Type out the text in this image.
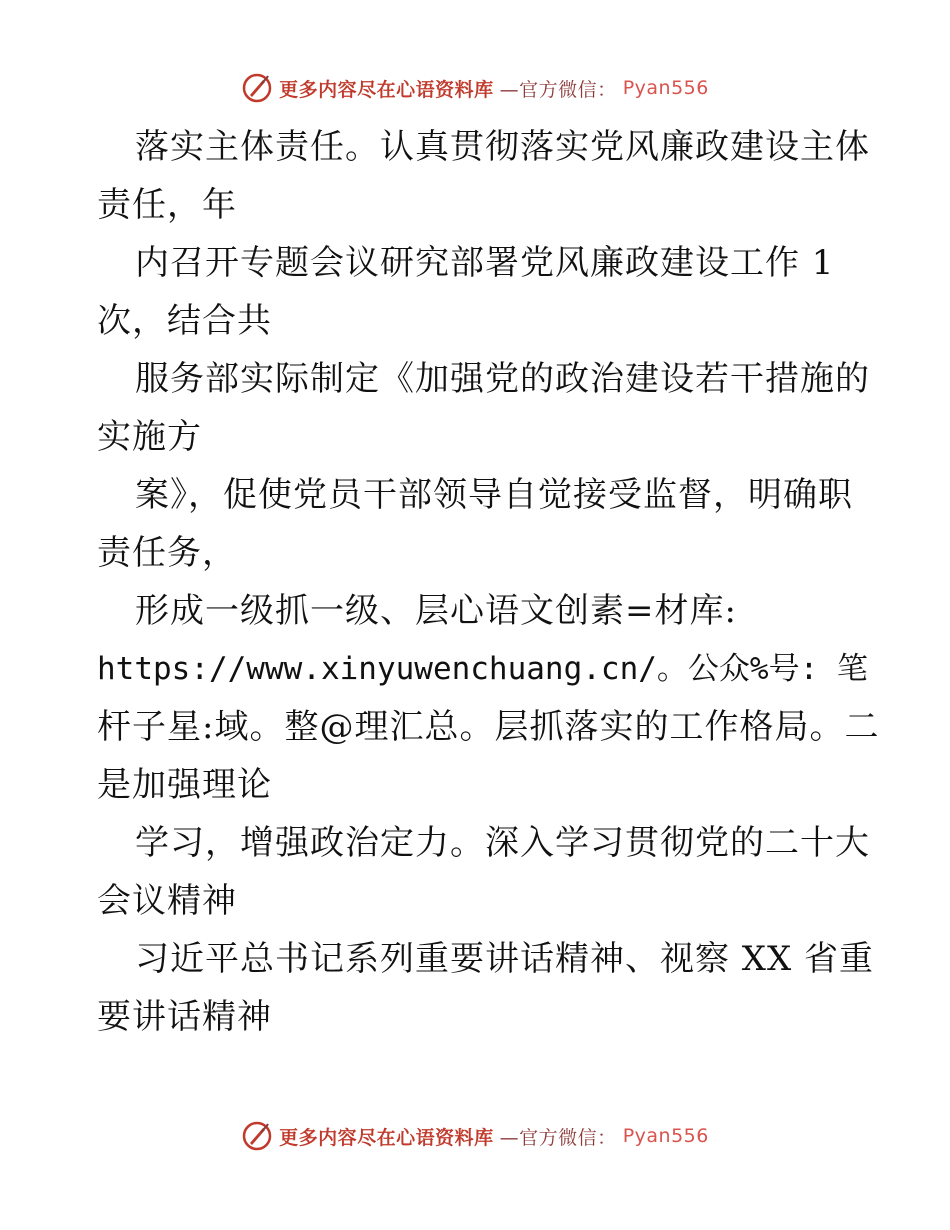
更多内容尽在心语资料库 —官方微信： Pyan556
落实主体责任。认真贯彻落实党风廉政建设主体
责任，年
内召开专题会议研究部署党风廉政建设工作 1
次，结合共
服务部实际制定《加强党的政治建设若干措施的
实施方
案》，促使党员干部领导自觉接受监督，明确职
责任务，
形成一级抓一级、层心语文创素=材库:
https://www.xinyuwenchuang.cn/。公众%号: 笔
杆子星:域。整@理汇总。层抓落实的工作格局。二
是加强理论
学习，增强政治定力。深入学习贯彻党的二十大
会议精神
习近平总书记系列重要讲话精神、视察 XX 省重
要讲话精神
更多内容尽在心语资料库 —官方微信： Pyan556
